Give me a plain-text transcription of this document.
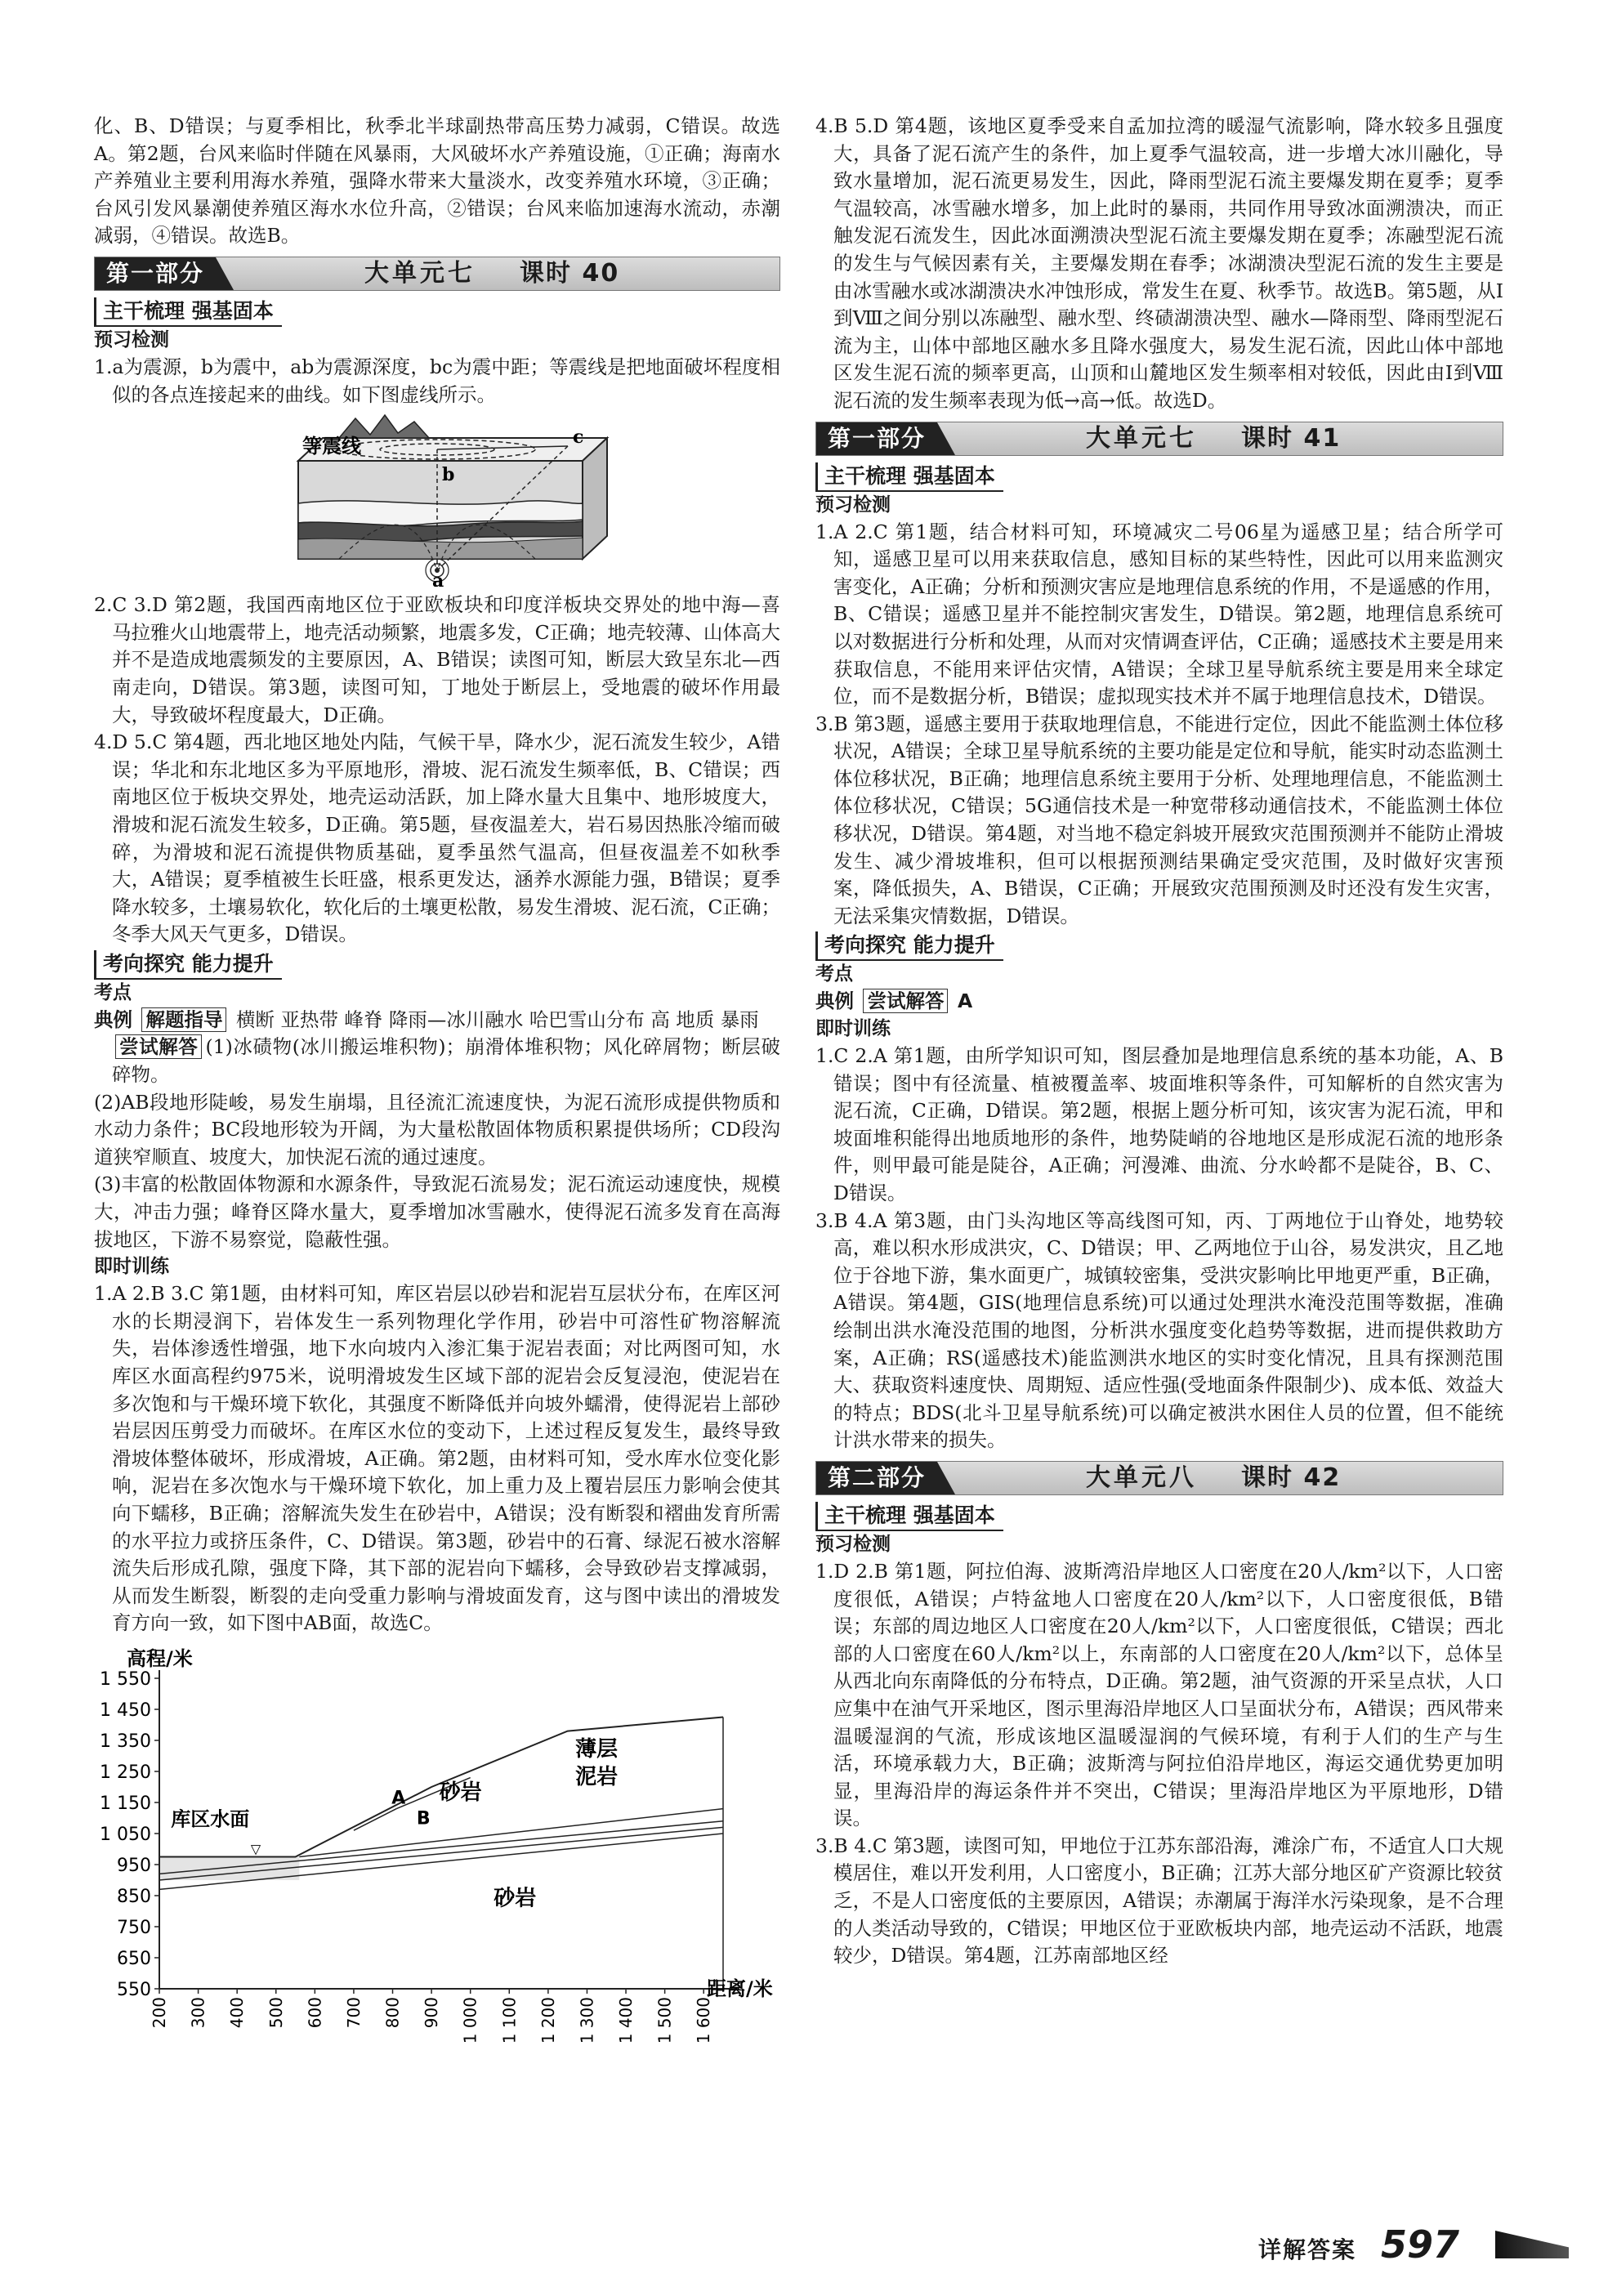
化、B、D错误；与夏季相比，秋季北半球副热带高压势力减弱，C错误。故选A。第2题，台风来临时伴随在风暴雨，大风破坏水产养殖设施，①正确；海南水产养殖业主要利用海水养殖，强降水带来大量淡水，改变养殖水环境，③正确；台风引发风暴潮使养殖区海水水位升高，②错误；台风来临加速海水流动，赤潮减弱，④错误。故选B。

第一部分	大单元七 课时 40
主干梳理 强基固本
预习检测

1.a为震源，b为震中，ab为震源深度，bc为震中距；等震线是把地面破坏程度相似的各点连接起来的曲线。如下图虚线所示。

等震线
b
c
a

2.C 3.D 第2题，我国西南地区位于亚欧板块和印度洋板块交界处的地中海—喜马拉雅火山地震带上，地壳活动频繁，地震多发，C正确；地壳较薄、山体高大并不是造成地震频发的主要原因，A、B错误；读图可知，断层大致呈东北—西南走向，D错误。第3题，读图可知，丁地处于断层上，受地震的破坏作用最大，导致破坏程度最大，D正确。

4.D 5.C 第4题，西北地区地处内陆，气候干旱，降水少，泥石流发生较少，A错误；华北和东北地区多为平原地形，滑坡、泥石流发生频率低，B、C错误；西南地区位于板块交界处，地壳运动活跃，加上降水量大且集中、地形坡度大，滑坡和泥石流发生较多，D正确。第5题，昼夜温差大，岩石易因热胀冷缩而破碎，为滑坡和泥石流提供物质基础，夏季虽然气温高，但昼夜温差不如秋季大，A错误；夏季植被生长旺盛，根系更发达，涵养水源能力强，B错误；夏季降水较多，土壤易软化，软化后的土壤更松散，易发生滑坡、泥石流，C正确；冬季大风天气更多，D错误。

考向探究 能力提升
考点

典例 解题指导 横断 亚热带 峰脊 降雨—冰川融水 哈巴雪山分布 高 地质 暴雨

尝试解答 (1)冰碛物(冰川搬运堆积物)；崩滑体堆积物；风化碎屑物；断层破碎物。

(2)AB段地形陡峻，易发生崩塌，且径流汇流速度快，为泥石流形成提供物质和水动力条件；BC段地形较为开阔，为大量松散固体物质积累提供场所；CD段沟道狭窄顺直、坡度大，加快泥石流的通过速度。

(3)丰富的松散固体物源和水源条件，导致泥石流易发；泥石流运动速度快，规模大，冲击力强；峰脊区降水量大，夏季增加冰雪融水，使得泥石流多发育在高海拔地区，下游不易察觉，隐蔽性强。

即时训练

1.A 2.B 3.C 第1题，由材料可知，库区岩层以砂岩和泥岩互层状分布，在库区河水的长期浸润下，岩体发生一系列物理化学作用，砂岩中可溶性矿物溶解流失，岩体渗透性增强，地下水向坡内入渗汇集于泥岩表面；对比两图可知，水库区水面高程约975米，说明滑坡发生区域下部的泥岩会反复浸泡，使泥岩在多次饱和与干燥环境下软化，其强度不断降低并向坡外蠕滑，使得泥岩上部砂岩层因压剪受力而破坏。在库区水位的变动下，上述过程反复发生，最终导致滑坡体整体破坏，形成滑坡，A正确。第2题，由材料可知，受水库水位变化影响，泥岩在多次饱水与干燥环境下软化，加上重力及上覆岩层压力影响会使其向下蠕移，B正确；溶解流失发生在砂岩中，A错误；没有断裂和褶曲发育所需的水平拉力或挤压条件，C、D错误。第3题，砂岩中的石膏、绿泥石被水溶解流失后形成孔隙，强度下降，其下部的泥岩向下蠕移，会导致砂岩支撑减弱，从而发生断裂，断裂的走向受重力影响与滑坡面发育，这与图中读出的滑坡发育方向一致，如下图中AB面，故选C。

1 550
1 450
1 350
1 250
1 150
1 050
950
850
750
650
550
200 300 400 500 600 700 800 900 1 000 1 100 1 200 1 300 1 400 1 500 1 600
高程/米
距离/米
库区水面
▽
薄层
泥岩
砂岩
砂岩
A
B

4.B 5.D 第4题，该地区夏季受来自孟加拉湾的暖湿气流影响，降水较多且强度大，具备了泥石流产生的条件，加上夏季气温较高，进一步增大冰川融化，导致水量增加，泥石流更易发生，因此，降雨型泥石流主要爆发期在夏季；夏季气温较高，冰雪融水增多，加上此时的暴雨，共同作用导致冰面溯溃决，而正触发泥石流发生，因此冰面溯溃决型泥石流主要爆发期在夏季；冻融型泥石流的发生与气候因素有关，主要爆发期在春季；冰湖溃决型泥石流的发生主要是由冰雪融水或冰湖溃决水冲蚀形成，常发生在夏、秋季节。故选B。第5题，从Ⅰ到Ⅷ之间分别以冻融型、融水型、终碛湖溃决型、融水—降雨型、降雨型泥石流为主，山体中部地区融水多且降水强度大，易发生泥石流，因此山体中部地区发生泥石流的频率更高，山顶和山麓地区发生频率相对较低，因此由Ⅰ到Ⅷ泥石流的发生频率表现为低→高→低。故选D。

第一部分	大单元七 课时 41
主干梳理 强基固本
预习检测

1.A 2.C 第1题，结合材料可知，环境减灾二号06星为遥感卫星；结合所学可知，遥感卫星可以用来获取信息，感知目标的某些特性，因此可以用来监测灾害变化，A正确；分析和预测灾害应是地理信息系统的作用，不是遥感的作用，B、C错误；遥感卫星并不能控制灾害发生，D错误。第2题，地理信息系统可以对数据进行分析和处理，从而对灾情调查评估，C正确；遥感技术主要是用来获取信息，不能用来评估灾情，A错误；全球卫星导航系统主要是用来全球定位，而不是数据分析，B错误；虚拟现实技术并不属于地理信息技术，D错误。

3.B 第3题，遥感主要用于获取地理信息，不能进行定位，因此不能监测土体位移状况，A错误；全球卫星导航系统的主要功能是定位和导航，能实时动态监测土体位移状况，B正确；地理信息系统主要用于分析、处理地理信息，不能监测土体位移状况，C错误；5G通信技术是一种宽带移动通信技术，不能监测土体位移状况，D错误。第4题，对当地不稳定斜坡开展致灾范围预测并不能防止滑坡发生、减少滑坡堆积，但可以根据预测结果确定受灾范围，及时做好灾害预案，降低损失，A、B错误，C正确；开展致灾范围预测及时还没有发生灾害，无法采集灾情数据，D错误。

考向探究 能力提升
考点

典例 尝试解答 A

即时训练

1.C 2.A 第1题，由所学知识可知，图层叠加是地理信息系统的基本功能，A、B错误；图中有径流量、植被覆盖率、坡面堆积等条件，可知解析的自然灾害为泥石流，C正确，D错误。第2题，根据上题分析可知，该灾害为泥石流，甲和坡面堆积能得出地质地形的条件，地势陡峭的谷地地区是形成泥石流的地形条件，则甲最可能是陡谷，A正确；河漫滩、曲流、分水岭都不是陡谷，B、C、D错误。

3.B 4.A 第3题，由门头沟地区等高线图可知，丙、丁两地位于山脊处，地势较高，难以积水形成洪灾，C、D错误；甲、乙两地位于山谷，易发洪灾，且乙地位于谷地下游，集水面更广，城镇较密集，受洪灾影响比甲地更严重，B正确，A错误。第4题，GIS(地理信息系统)可以通过处理洪水淹没范围等数据，准确绘制出洪水淹没范围的地图，分析洪水强度变化趋势等数据，进而提供救助方案，A正确；RS(遥感技术)能监测洪水地区的实时变化情况，且具有探测范围大、获取资料速度快、周期短、适应性强(受地面条件限制少)、成本低、效益大的特点；BDS(北斗卫星导航系统)可以确定被洪水困住人员的位置，但不能统计洪水带来的损失。

第二部分	大单元八 课时 42
主干梳理 强基固本
预习检测

1.D 2.B 第1题，阿拉伯海、波斯湾沿岸地区人口密度在20人/km²以下，人口密度很低，A错误；卢特盆地人口密度在20人/km²以下，人口密度很低，B错误；东部的周边地区人口密度在20人/km²以下，人口密度很低，C错误；西北部的人口密度在60人/km²以上，东南部的人口密度在20人/km²以下，总体呈从西北向东南降低的分布特点，D正确。第2题，油气资源的开采呈点状，人口应集中在油气开采地区，图示里海沿岸地区人口呈面状分布，A错误；西风带来温暖湿润的气流，形成该地区温暖湿润的气候环境，有利于人们的生产与生活，环境承载力大，B正确；波斯湾与阿拉伯沿岸地区，海运交通优势更加明显，里海沿岸的海运条件并不突出，C错误；里海沿岸地区为平原地形，D错误。

3.B 4.C 第3题，读图可知，甲地位于江苏东部沿海，滩涂广布，不适宜人口大规模居住，难以开发利用，人口密度小，B正确；江苏大部分地区矿产资源比较贫乏，不是人口密度低的主要原因，A错误；赤潮属于海洋水污染现象，是不合理的人类活动导致的，C错误；甲地区位于亚欧板块内部，地壳运动不活跃，地震较少，D错误。第4题，江苏南部地区经

详解答案 597
